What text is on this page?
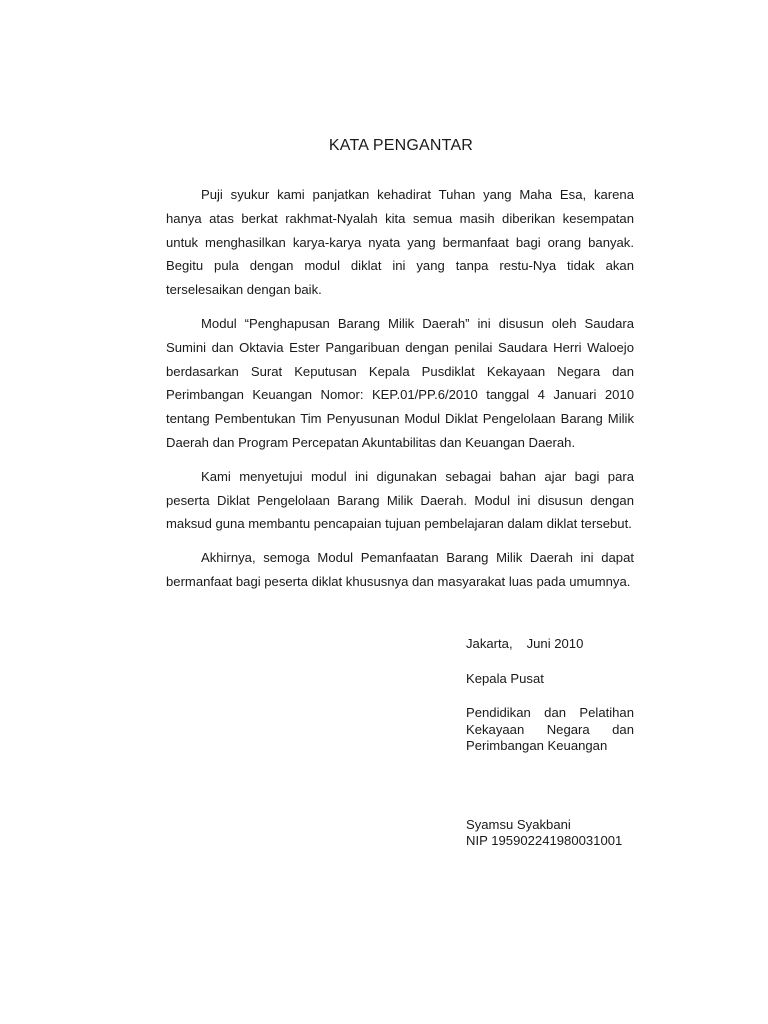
KATA PENGANTAR

Puji syukur kami panjatkan kehadirat Tuhan yang Maha Esa, karena hanya atas berkat rakhmat-Nyalah kita semua masih diberikan kesempatan untuk menghasilkan karya-karya nyata yang bermanfaat bagi orang banyak. Begitu pula dengan modul diklat ini yang tanpa restu-Nya tidak akan terselesaikan dengan baik.

Modul “Penghapusan Barang Milik Daerah” ini disusun oleh Saudara Sumini dan Oktavia Ester Pangaribuan dengan penilai Saudara Herri Waloejo berdasarkan Surat Keputusan Kepala Pusdiklat Kekayaan Negara dan Perimbangan Keuangan Nomor: KEP.01/PP.6/2010 tanggal 4 Januari 2010 tentang Pembentukan Tim Penyusunan Modul Diklat Pengelolaan Barang Milik Daerah dan Program Percepatan Akuntabilitas dan Keuangan Daerah.

Kami menyetujui modul ini digunakan sebagai bahan ajar bagi para peserta Diklat Pengelolaan Barang Milik Daerah. Modul ini disusun dengan maksud guna membantu pencapaian tujuan pembelajaran dalam diklat tersebut.

Akhirnya, semoga Modul Pemanfaatan Barang Milik Daerah ini dapat bermanfaat bagi peserta diklat khususnya dan masyarakat luas pada umumnya.

Jakarta, Juni 2010
Kepala Pusat
Pendidikan dan Pelatihan Kekayaan Negara dan Perimbangan Keuangan
Syamsu Syakbani
NIP 195902241980031001
